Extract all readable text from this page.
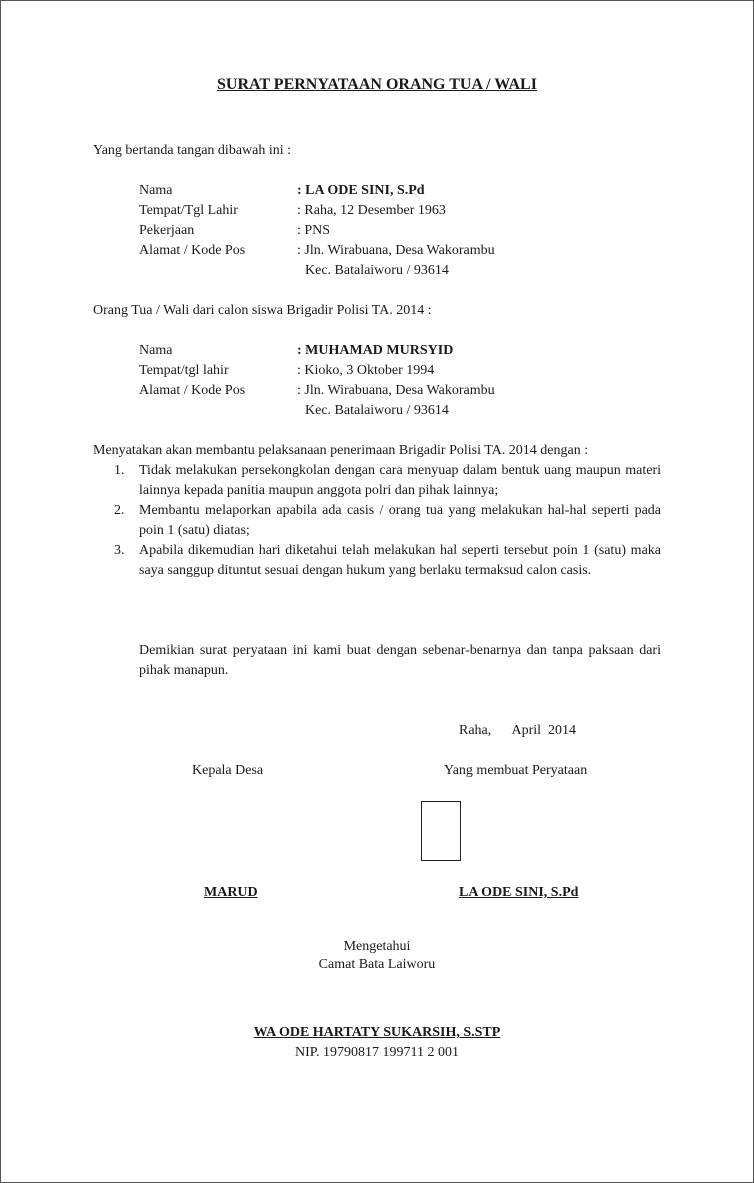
SURAT PERNYATAAN ORANG TUA / WALI
Yang bertanda tangan dibawah ini :
Nama	: LA ODE SINI, S.Pd
Tempat/Tgl Lahir	: Raha, 12 Desember 1963
Pekerjaan	: PNS
Alamat / Kode Pos	: Jln. Wirabuana, Desa Wakorambu
Kec. Batalaiworu / 93614
Orang Tua / Wali dari calon siswa Brigadir Polisi TA. 2014 :
Nama	: MUHAMAD MURSYID
Tempat/tgl lahir	: Kioko, 3 Oktober 1994
Alamat / Kode Pos	: Jln. Wirabuana, Desa Wakorambu
Kec. Batalaiworu / 93614
Menyatakan akan membantu pelaksanaan penerimaan Brigadir Polisi TA. 2014 dengan :
1. Tidak melakukan persekongkolan dengan cara menyuap dalam bentuk uang maupun materi lainnya kepada panitia maupun anggota polri dan pihak lainnya;
2. Membantu melaporkan apabila ada casis / orang tua yang melakukan hal-hal seperti pada poin 1 (satu) diatas;
3. Apabila dikemudian hari diketahui telah melakukan hal seperti tersebut poin 1 (satu) maka saya sanggup dituntut sesuai dengan hukum yang berlaku termaksud calon casis.
Demikian surat peryataan ini kami buat dengan sebenar-benarnya dan tanpa paksaan dari pihak manapun.
Raha,      April  2014
Kepala Desa	Yang membuat Peryataan
MARUD	LA ODE SINI, S.Pd
Mengetahui
Camat Bata Laiworu
WA ODE HARTATY SUKARSIH, S.STP
NIP. 19790817 199711 2 001
